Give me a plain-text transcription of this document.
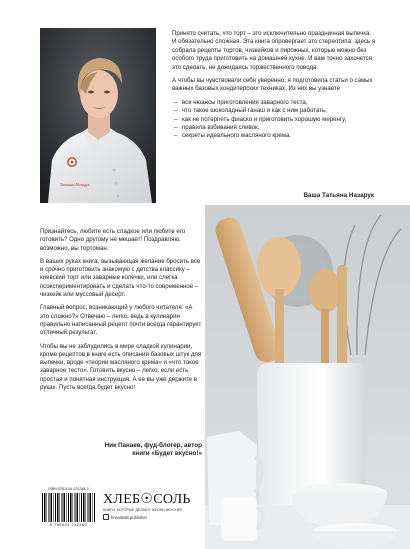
Татьяна Назарук

Принято считать, что торт – это исключительно праздничная выпечка. И обязательно сложная. Эта книга опровергает это стереотипа: здесь я собрала рецепты тортов, чизкейков и пирожных, которые можно без особого труда приготовить на домашней кухне. И вам точно захочется это сделать, не дожидаясь торжественного повода.

А чтобы вы чувствовали себя уверенно, я подготовила статьи о самых важных базовых кондитерских техниках. Из них вы узнаете

– все нюансы приготовления заварного теста,
– что такое шоколадный ганаш и как с ним работать,
– как не потерпеть фиаско и приготовить хорошую меренгу,
– правила взбивания сливок,
– секреты идеального масляного крема.
Ваша Татьяна Назарук

Признайтесь, любите есть сладкое или любите его готовить? Одно другому не мешает! Поздравляю, возможно, вы тортоман.

В ваших руках книга, вызывающая желание бросить все и срочно приготовить знакомую с детства классику – киевский торт или заварные колечки, или слегка поэкспериментировать и сделать что-то современное – чизкейк или муссовый десерт.

Главный вопрос, возникающий у любого читателя: «А это сложно?» Отвечаю – легко, ведь в кулинарии правильно написанный рецепт почти всегда гарантирует отличный результат.

Чтобы вы не заблудились в мире сладкой кулинарии, кроме рецептов в книге есть описания базовых штук для выпечки, вроде «теории масляного крема» и «что такое заварное тесто». Готовить вкусно – легко, если есть простая и понятная инструкция. А ее вы уже держите в руках. Пусть всегда будет вкусно!

Ник Панаев, фуд-блогер, автор
книги «Будет вкусно!»
ISBN 978-5-04-121248-3
9 785041 212483
ХЛЕБ☉СОЛЬ
КНИГИ, КОТОРЫЕ ДЕЛАЮТ ЖИЗНЬ ВКУСНЕЕ
breadsalt.publisher
